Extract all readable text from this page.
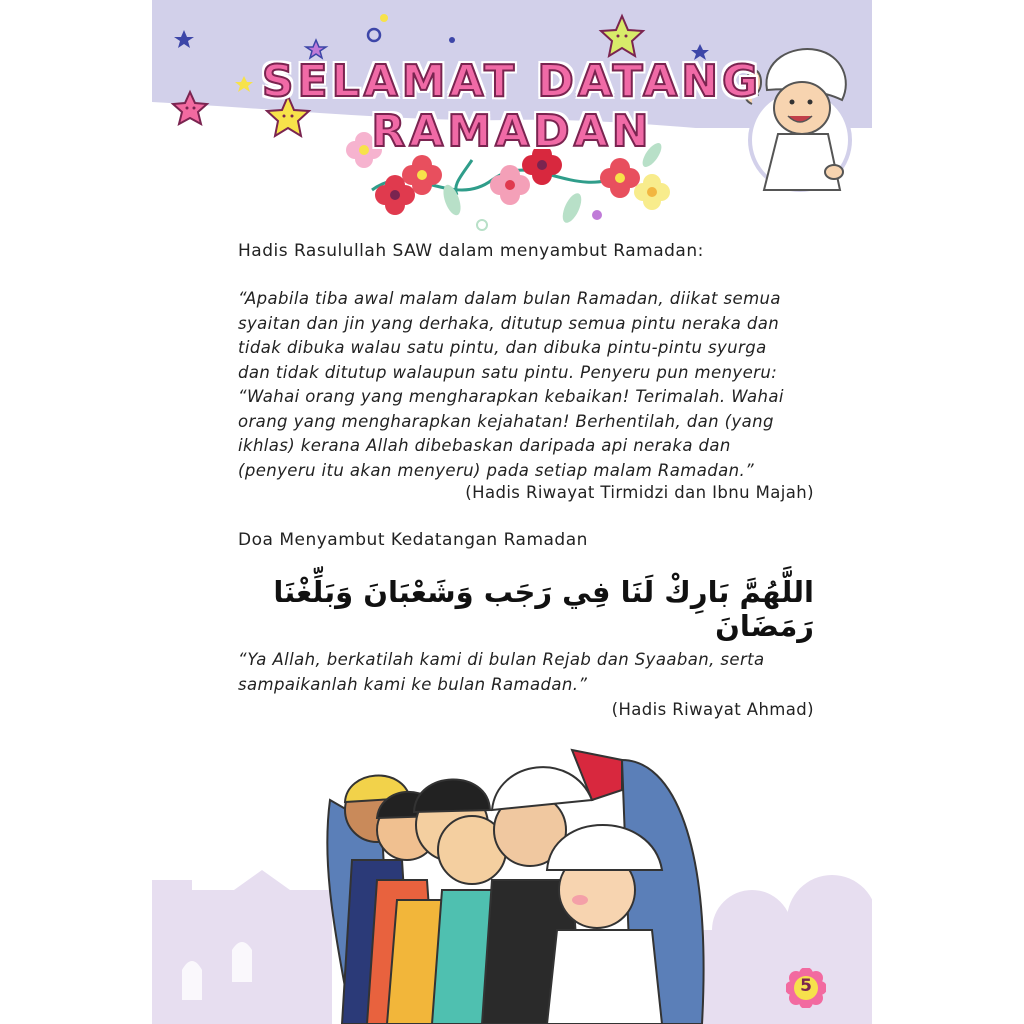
SELAMAT DATANG
RAMADAN
Hadis Rasulullah SAW dalam menyambut Ramadan:
“Apabila tiba awal malam dalam bulan Ramadan, diikat semua
syaitan dan jin yang derhaka, ditutup semua pintu neraka dan
tidak dibuka walau satu pintu, dan dibuka pintu-pintu syurga
dan tidak ditutup walaupun satu pintu. Penyeru pun menyeru:
“Wahai orang yang mengharapkan kebaikan! Terimalah. Wahai
orang yang mengharapkan kejahatan! Berhentilah, dan (yang
ikhlas) kerana Allah dibebaskan daripada api neraka dan
(penyeru itu akan menyeru) pada setiap malam Ramadan.”
(Hadis Riwayat Tirmidzi dan Ibnu Majah)
Doa Menyambut Kedatangan Ramadan
اللَّهُمَّ بَارِكْ لَنَا فِي رَجَب وَشَعْبَانَ وَبَلِّغْنَا رَمَضَانَ
“Ya Allah, berkatilah kami di bulan Rejab dan Syaaban, serta
sampaikanlah kami ke bulan Ramadan.”
(Hadis Riwayat Ahmad)
5
